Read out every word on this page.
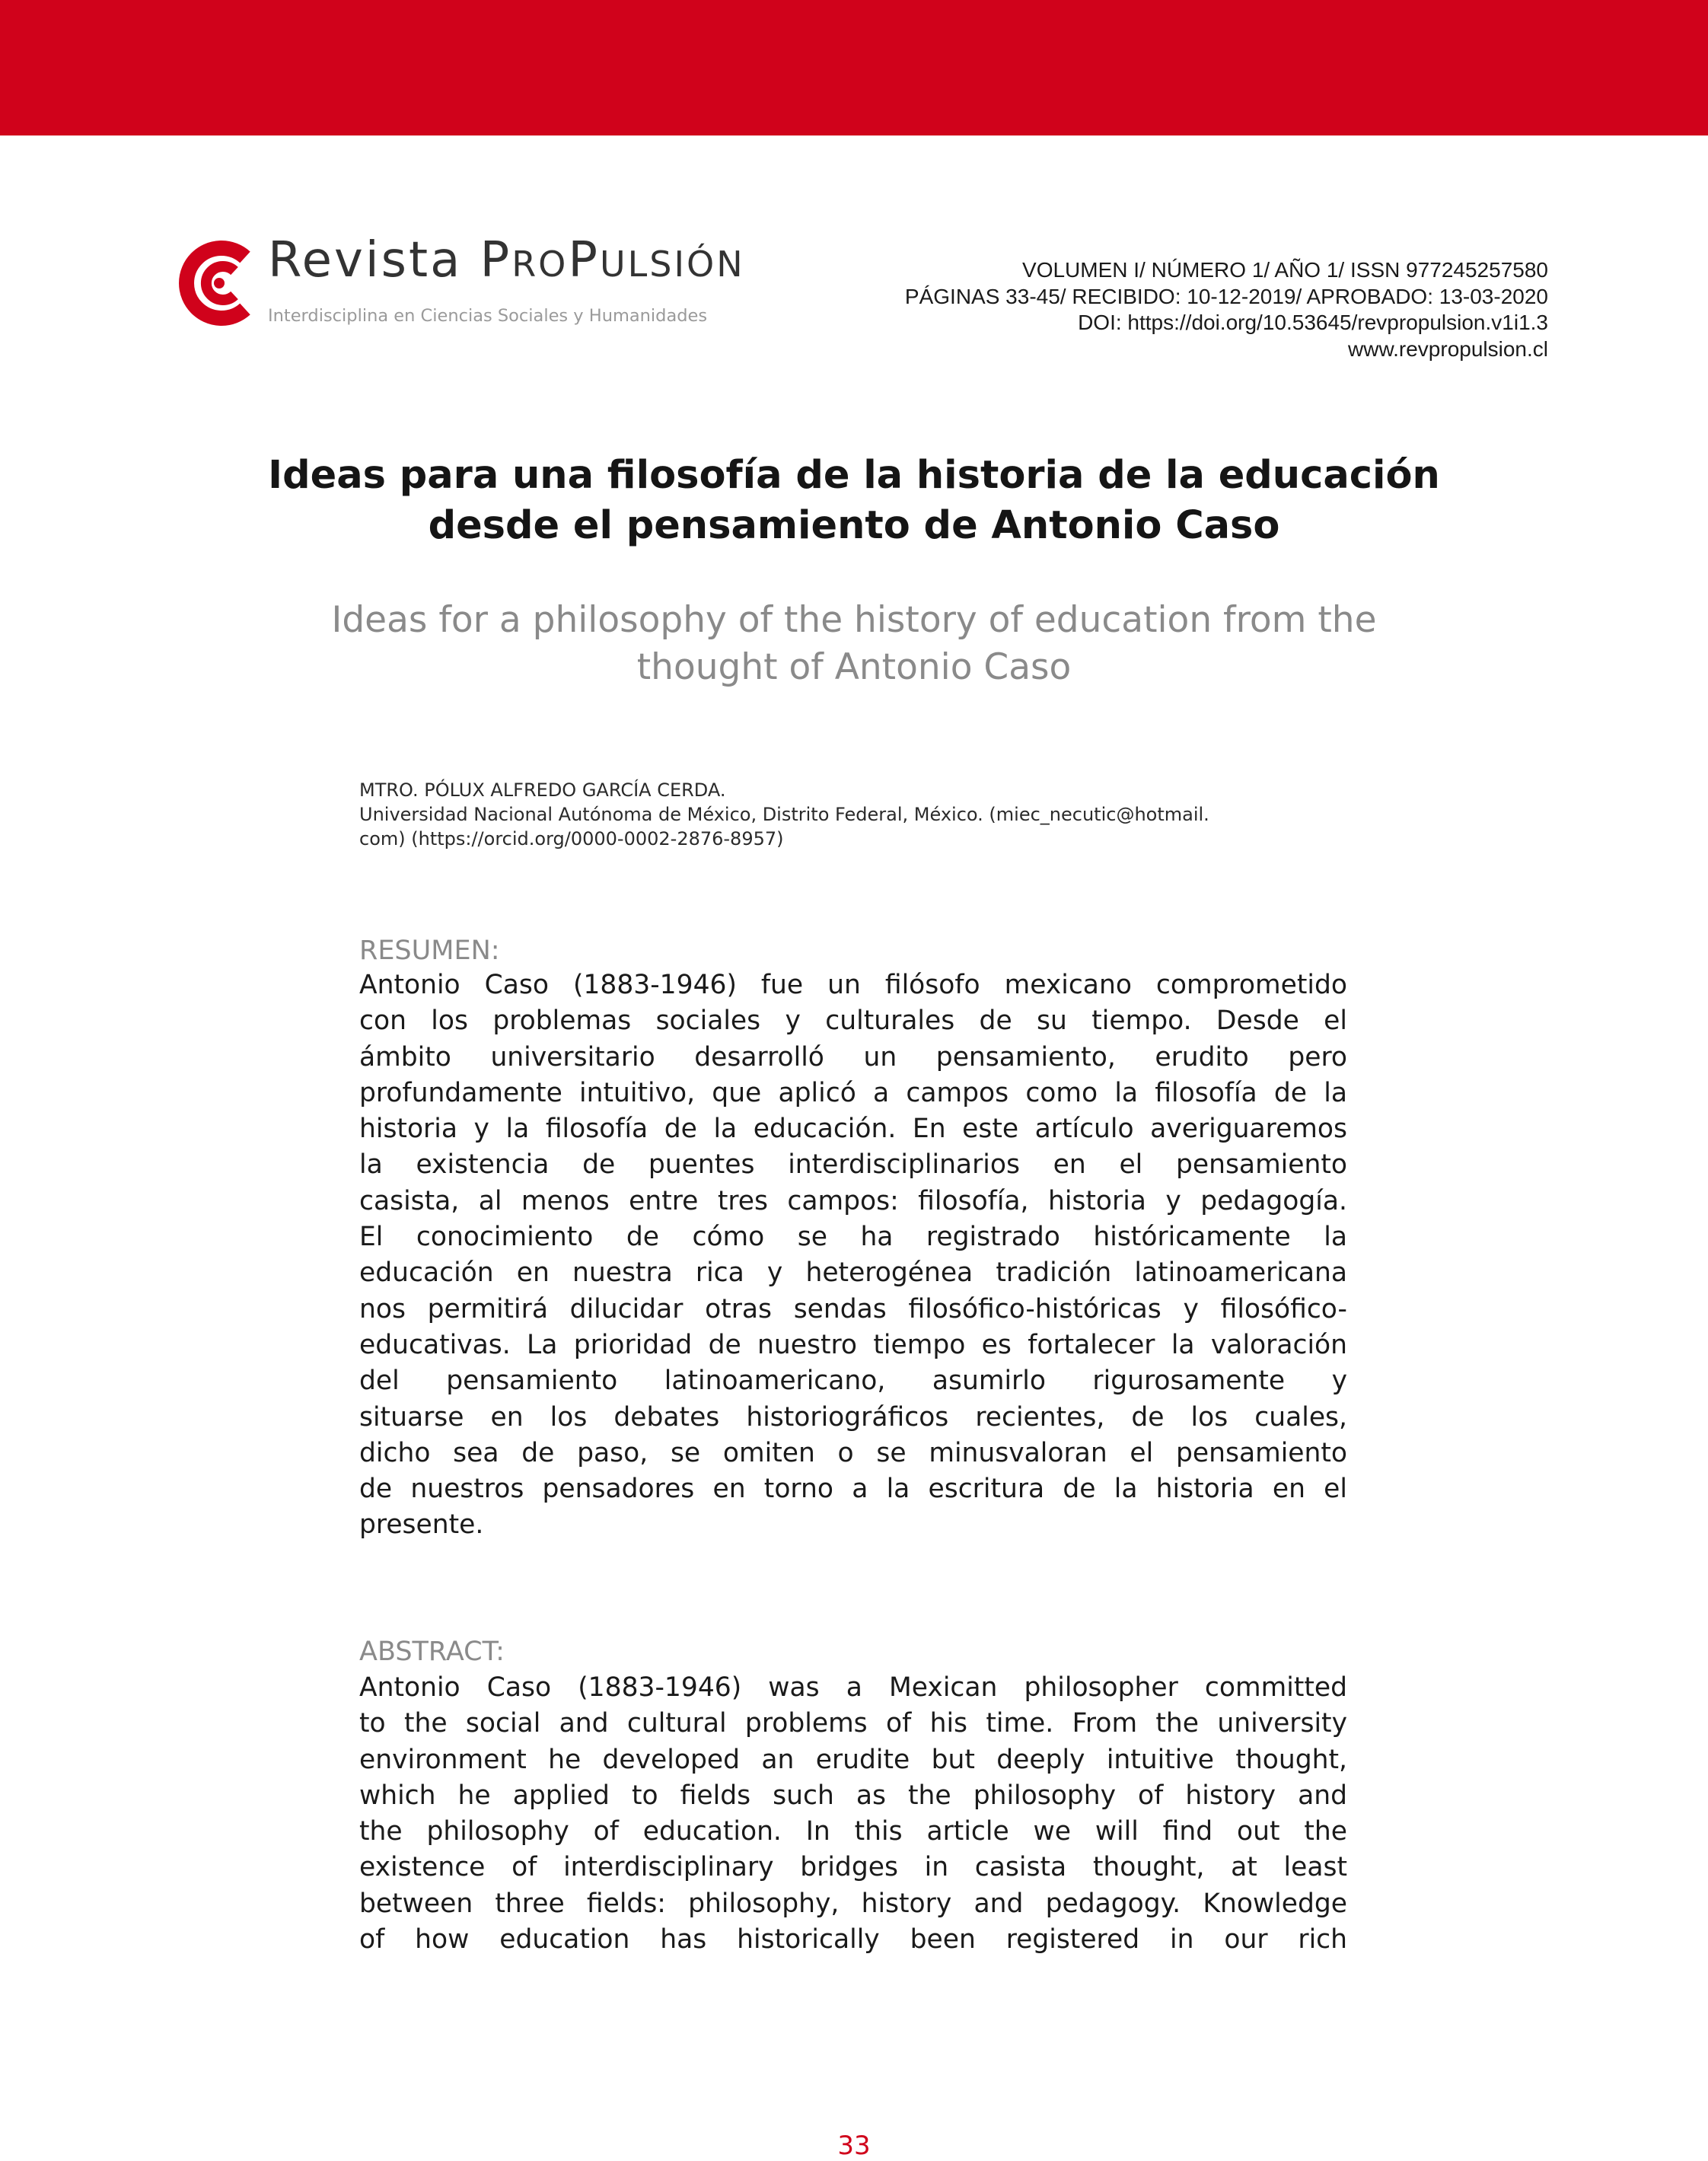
Revista PROPULSIÓN
Interdisciplina en Ciencias Sociales y Humanidades
VOLUMEN I/ NÚMERO 1/ AÑO 1/ ISSN 977245257580
PÁGINAS 33-45/ RECIBIDO: 10-12-2019/ APROBADO: 13-03-2020
DOI: https://doi.org/10.53645/revpropulsion.v1i1.3
www.revpropulsion.cl
Ideas para una filosofía de la historia de la educación
desde el pensamiento de Antonio Caso
Ideas for a philosophy of the history of education from the
thought of Antonio Caso
MTRO. PÓLUX ALFREDO GARCÍA CERDA.
Universidad Nacional Autónoma de México, Distrito Federal, México. (miec_necutic@hotmail.
com) (https://orcid.org/0000-0002-2876-8957)
RESUMEN:
Antonio Caso (1883-1946) fue un filósofo mexicano comprometido
con los problemas sociales y culturales de su tiempo. Desde el
ámbito universitario desarrolló un pensamiento, erudito pero
profundamente intuitivo, que aplicó a campos como la filosofía de la
historia y la filosofía de la educación. En este artículo averiguaremos
la existencia de puentes interdisciplinarios en el pensamiento
casista, al menos entre tres campos: filosofía, historia y pedagogía.
El conocimiento de cómo se ha registrado históricamente la
educación en nuestra rica y heterogénea tradición latinoamericana
nos permitirá dilucidar otras sendas filosófico-históricas y filosófico-
educativas. La prioridad de nuestro tiempo es fortalecer la valoración
del pensamiento latinoamericano, asumirlo rigurosamente y
situarse en los debates historiográficos recientes, de los cuales,
dicho sea de paso, se omiten o se minusvaloran el pensamiento
de nuestros pensadores en torno a la escritura de la historia en el
presente.
ABSTRACT:
Antonio Caso (1883-1946) was a Mexican philosopher committed
to the social and cultural problems of his time. From the university
environment he developed an erudite but deeply intuitive thought,
which he applied to fields such as the philosophy of history and
the philosophy of education. In this article we will find out the
existence of interdisciplinary bridges in casista thought, at least
between three fields: philosophy, history and pedagogy. Knowledge
of how education has historically been registered in our rich
33
